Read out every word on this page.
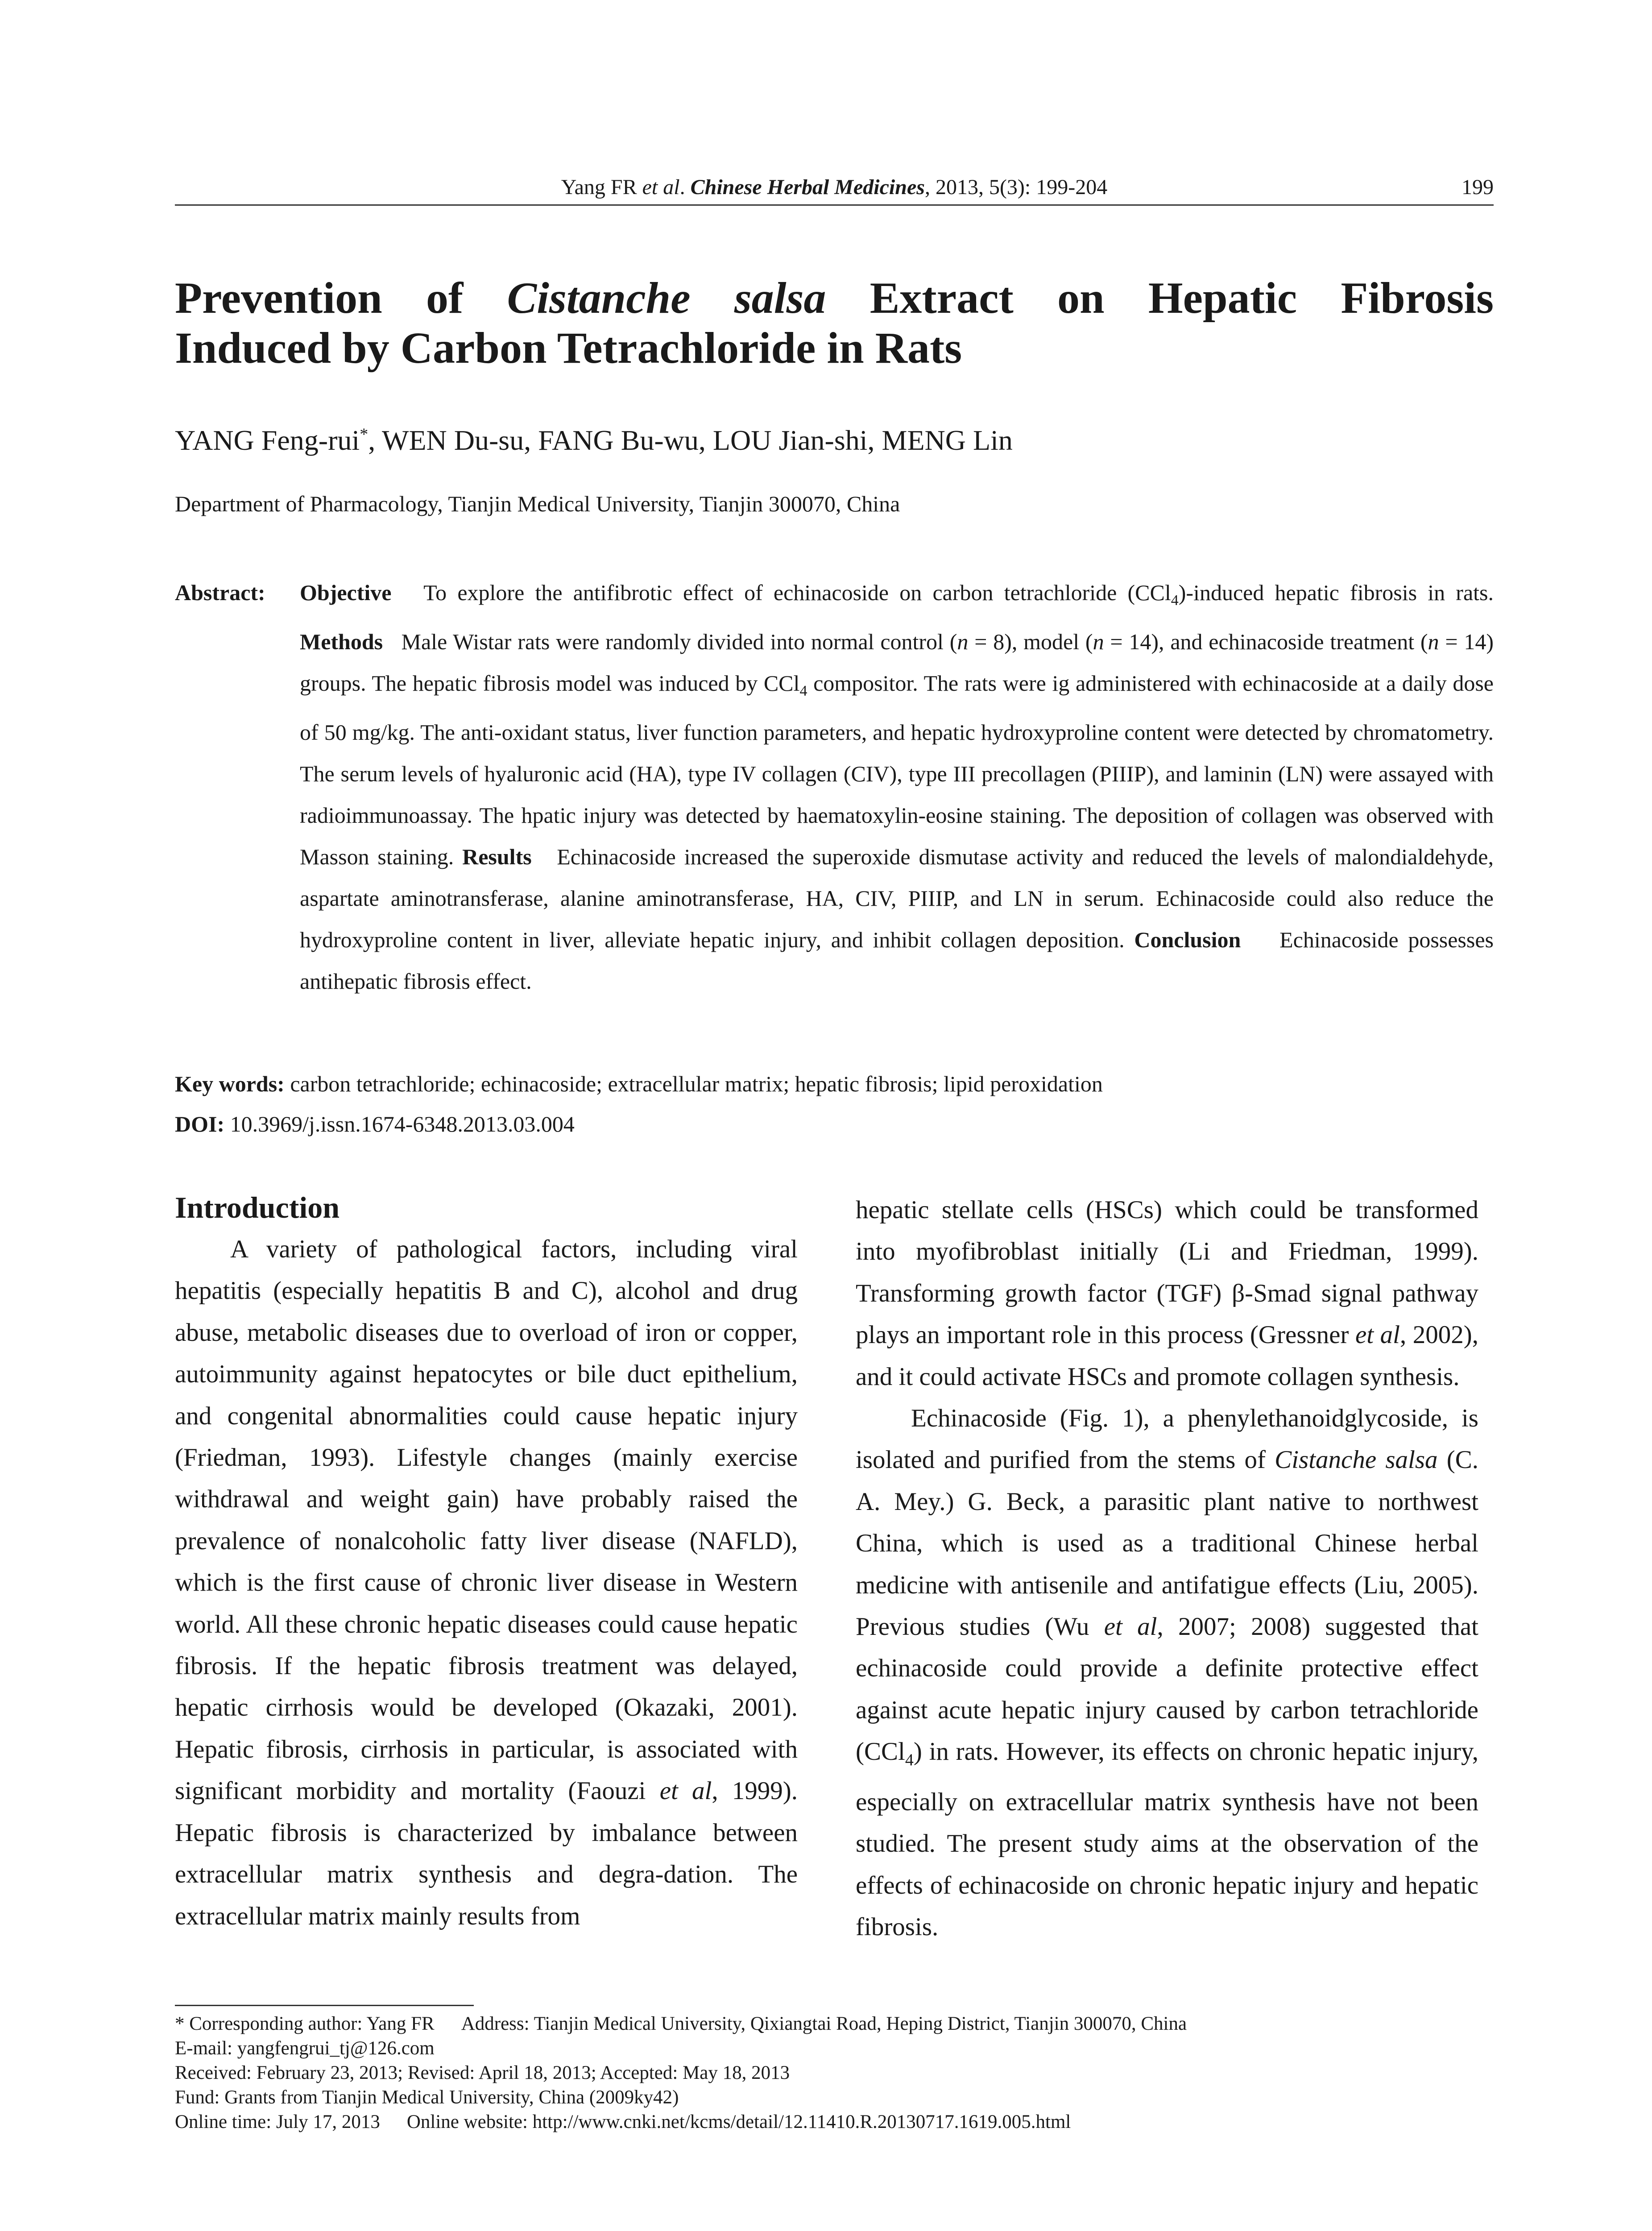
Yang FR et al. Chinese Herbal Medicines, 2013, 5(3): 199-204	199
Prevention of Cistanche salsa Extract on Hepatic Fibrosis
Induced by Carbon Tetrachloride in Rats
YANG Feng-rui*, WEN Du-su, FANG Bu-wu, LOU Jian-shi, MENG Lin
Department of Pharmacology, Tianjin Medical University, Tianjin 300070, China
Abstract: Objective To explore the antifibrotic effect of echinacoside on carbon tetrachloride (CCl$_4$)-induced hepatic fibrosis in rats. Methods Male Wistar rats were randomly divided into normal control (n = 8), model (n = 14), and echinacoside treatment (n = 14) groups. The hepatic fibrosis model was induced by CCl$_4$ compositor. The rats were ig administered with echinacoside at a daily dose of 50 mg/kg. The anti-oxidant status, liver function parameters, and hepatic hydroxyproline content were detected by chromatometry. The serum levels of hyaluronic acid (HA), type IV collagen (CIV), type III precollagen (PIIIP), and laminin (LN) were assayed with radioimmunoassay. The hpatic injury was detected by haematoxylin-eosine staining. The deposition of collagen was observed with Masson staining. Results Echinacoside increased the superoxide dismutase activity and reduced the levels of malondialdehyde, aspartate aminotransferase, alanine aminotransferase, HA, CIV, PIIIP, and LN in serum. Echinacoside could also reduce the hydroxyproline content in liver, alleviate hepatic injury, and inhibit collagen deposition. Conclusion Echinacoside possesses antihepatic fibrosis effect.
Key words: carbon tetrachloride; echinacoside; extracellular matrix; hepatic fibrosis; lipid peroxidation
DOI: 10.3969/j.issn.1674-6348.2013.03.004
Introduction

A variety of pathological factors, including viral hepatitis (especially hepatitis B and C), alcohol and drug abuse, metabolic diseases due to overload of iron or copper, autoimmunity against hepatocytes or bile duct epithelium, and congenital abnormalities could cause hepatic injury (Friedman, 1993). Lifestyle changes (mainly exercise withdrawal and weight gain) have probably raised the prevalence of nonalcoholic fatty liver disease (NAFLD), which is the first cause of chronic liver disease in Western world. All these chronic hepatic diseases could cause hepatic fibrosis. If the hepatic fibrosis treatment was delayed, hepatic cirrhosis would be developed (Okazaki, 2001). Hepatic fibrosis, cirrhosis in particular, is associated with significant morbidity and mortality (Faouzi et al, 1999). Hepatic fibrosis is characterized by imbalance between extracellular matrix synthesis and degra-dation. The extracellular matrix mainly results from

hepatic stellate cells (HSCs) which could be transformed into myofibroblast initially (Li and Friedman, 1999). Transforming growth factor (TGF) β-Smad signal pathway plays an important role in this process (Gressner et al, 2002), and it could activate HSCs and promote collagen synthesis.

Echinacoside (Fig. 1), a phenylethanoidglycoside, is isolated and purified from the stems of Cistanche salsa (C. A. Mey.) G. Beck, a parasitic plant native to northwest China, which is used as a traditional Chinese herbal medicine with antisenile and antifatigue effects (Liu, 2005). Previous studies (Wu et al, 2007; 2008) suggested that echinacoside could provide a definite protective effect against acute hepatic injury caused by carbon tetrachloride (CCl$_4$) in rats. However, its effects on chronic hepatic injury, especially on extracellular matrix synthesis have not been studied. The present study aims at the observation of the effects of echinacoside on chronic hepatic injury and hepatic fibrosis.

* Corresponding author: Yang FR Address: Tianjin Medical University, Qixiangtai Road, Heping District, Tianjin 300070, China
E-mail: yangfengrui_tj@126.com
Received: February 23, 2013; Revised: April 18, 2013; Accepted: May 18, 2013
Fund: Grants from Tianjin Medical University, China (2009ky42)
Online time: July 17, 2013 Online website: http://www.cnki.net/kcms/detail/12.11410.R.20130717.1619.005.html
